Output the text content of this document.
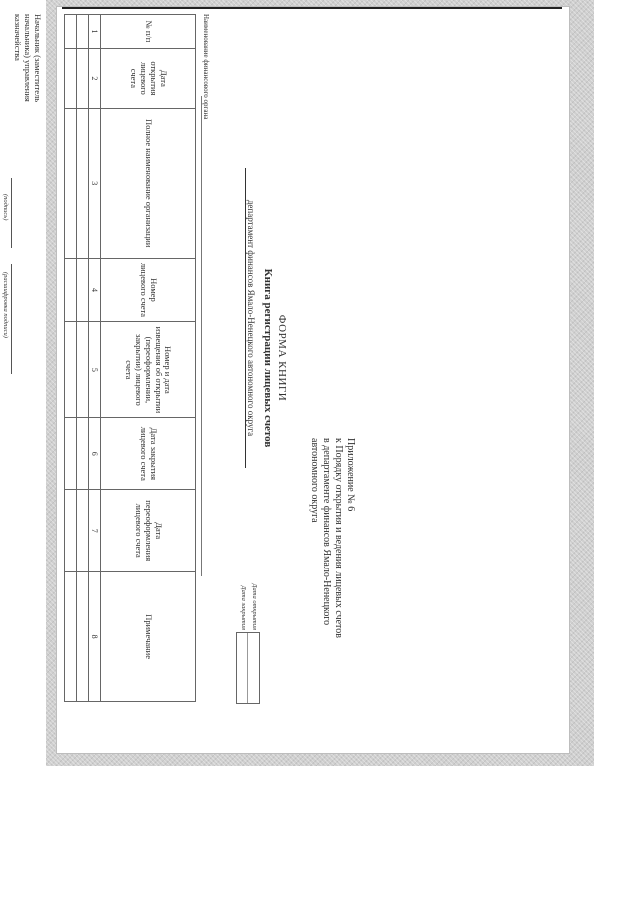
Приложение № 6
к Порядку открытия и ведения лицевых счетов
в департаменте финансов Ямало-Ненецкого
автономного округа
ФОРМА КНИГИ
Книга регистрации лицевых счетов
департамент финансов Ямало-Ненецкого автономного округа
Дата открытия
Дата закрытия
Наименование финансового органа
№ п/п	Дата открытия лицевого счета	Полное наименование организации	Номер лицевого счета	Номер и дата извещения об открытии (переоформлении, закрытии) лицевого счета	Дата закрытия лицевого счета	Дата переоформления лицевого счета	Примечание
1	2	3	4	5	6	7	8

Начальник (заместитель
начальника) управления
казначейства
(подпись)
(расшифровка подписи)
